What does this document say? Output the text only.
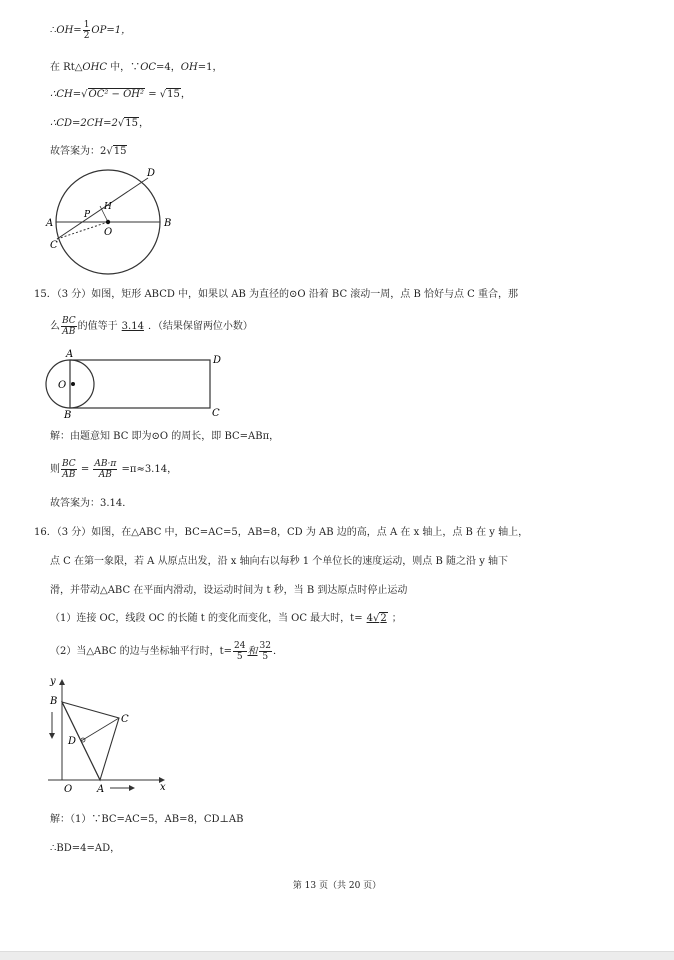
∴OH= $\frac{1}{2} OP=1$，
在 Rt△OHC 中，∵OC=4，OH=1，
∴CH=√OC² − OH² = √15，
∴CD=2CH=2√15，
故答案为：2√15
D
H
P
A	B
C
O
15．（3 分）如图，矩形 ABCD 中，如果以 AB 为直径的⊙O 沿着 BC 滚动一周，点 B 恰好与点 C 重合，那
么 $\frac{BC}{AB}$ 的值等于 3.14 ．（结果保留两位小数）
A
D
O
B	C
解：由题意知 BC 即为⊙O 的周长，即 BC=ABπ，
则 $\frac{BC}{AB} = \frac{AB\cdot\pi}{AB} =\pi\approx 3.14$，
故答案为：3.14．
16．（3 分）如图，在△ABC 中，BC=AC=5，AB=8，CD 为 AB 边的高，点 A 在 x 轴上，点 B 在 y 轴上，
点 C 在第一象限，若 A 从原点出发，沿 x 轴向右以每秒 1 个单位长的速度运动，则点 B 随之沿 y 轴下
滑，并带动△ABC 在平面内滑动，设运动时间为 t 秒，当 B 到达原点时停止运动
（1）连接 OC，线段 OC 的长随 t 的变化而变化，当 OC 最大时，t= 4√2 ；
（2）当△ABC 的边与坐标轴平行时，$t= \frac{24}{5}$ 和 $\frac{32}{5}$ ．
y
B
C
D
O A	x
解：（1）∵BC=AC=5，AB=8，CD⊥AB
∴BD=4=AD，
第 13 页（共 20 页）
